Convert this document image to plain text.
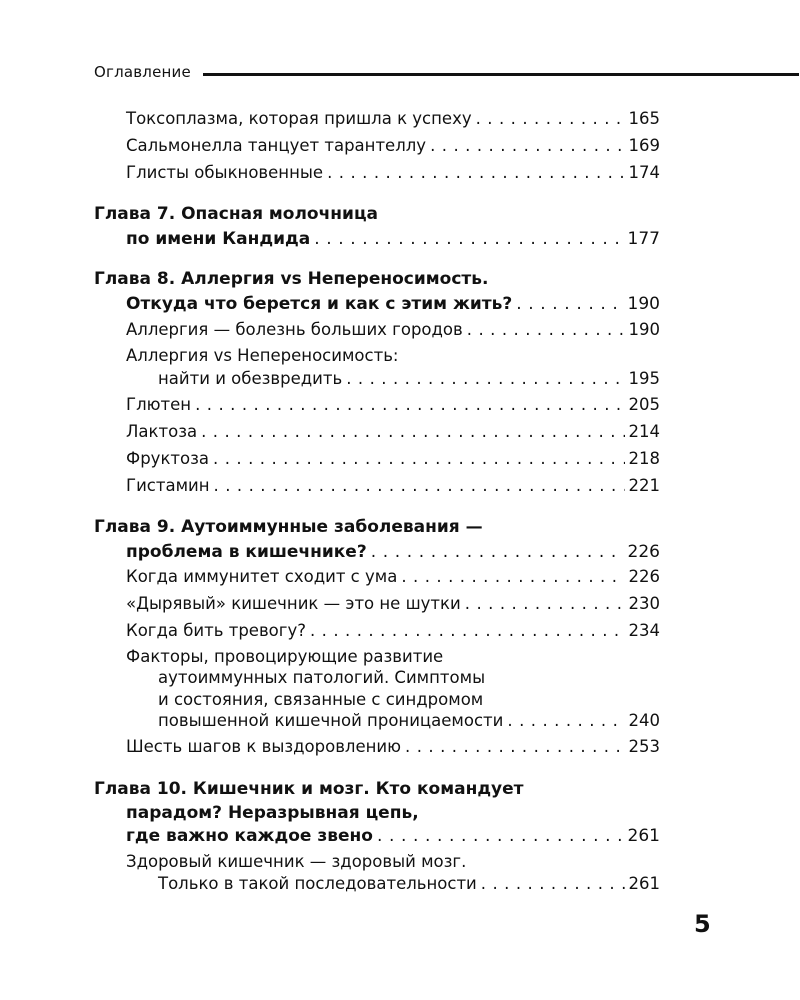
Оглавление
Токсоплазма, которая пришла к успеху . . .	165
Сальмонелла танцует тарантеллу . . .	169
Глисты обыкновенные . . .	174
Глава 7. Опасная молочница
по имени Кандида . . .	177
Глава 8. Аллергия vs Непереносимость.
Откуда что берется и как с этим жить? . . .	190
Аллергия — болезнь больших городов . . .	190
Аллергия vs Непереносимость:
найти и обезвредить . . .	195
Глютен . . .	205
Лактоза . . .	214
Фруктоза . . .	218
Гистамин . . .	221
Глава 9. Аутоиммунные заболевания —
проблема в кишечнике? . . .	226
Когда иммунитет сходит с ума . . .	226
«Дырявый» кишечник — это не шутки . . .	230
Когда бить тревогу? . . .	234
Факторы, провоцирующие развитие
аутоиммунных патологий. Симптомы
и состояния, связанные с синдромом
повышенной кишечной проницаемости . . .	240
Шесть шагов к выздоровлению . . .	253
Глава 10. Кишечник и мозг. Кто командует
парадом? Неразрывная цепь,
где важно каждое звено . . .	261
Здоровый кишечник — здоровый мозг.
Только в такой последовательности . . .	261
5
